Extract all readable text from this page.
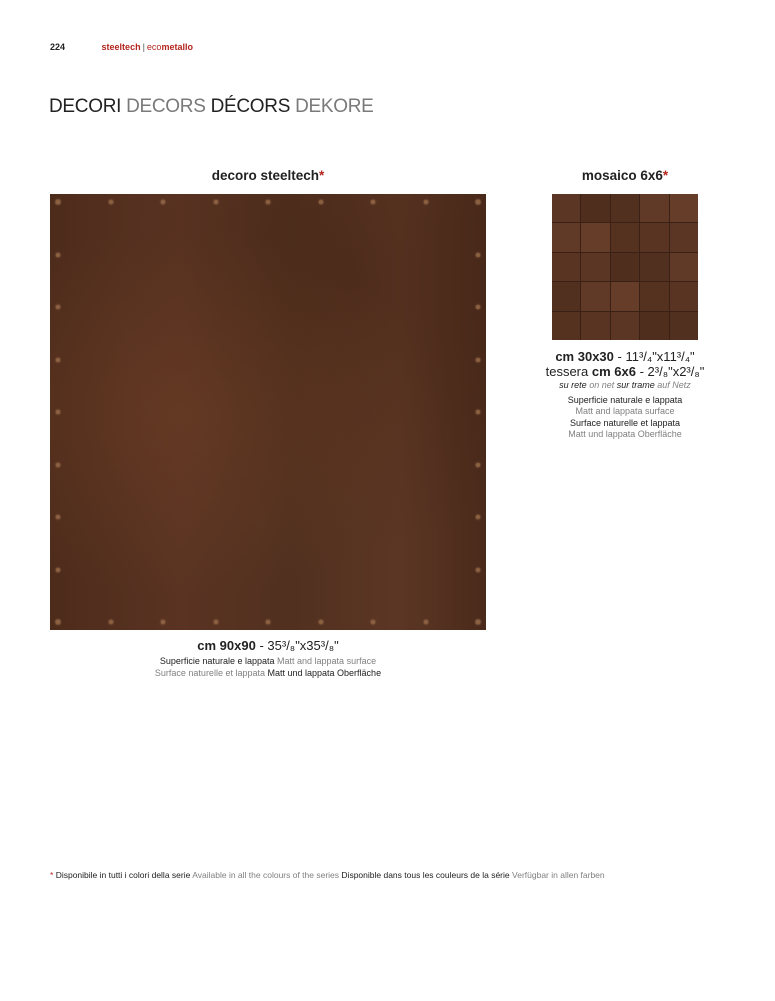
224	steeltech | ecometallo
DECORI DECORS DÉCORS DEKORE
decoro steeltech*
cm 90x90 - 35³/₈"x35³/₈"
Superficie naturale e lappata Matt and lappata surface
Surface naturelle et lappata Matt und lappata Oberfläche
mosaico 6x6*
cm 30x30 - 11³/₄"x11³/₄"
tessera cm 6x6 - 2³/₈"x2³/₈"
su rete on net sur trame auf Netz
Superficie naturale e lappata
Matt and lappata surface
Surface naturelle et lappata
Matt und lappata Oberfläche
* Disponibile in tutti i colori della serie Available in all the colours of the series Disponible dans tous les couleurs de la série Verfügbar in allen farben
